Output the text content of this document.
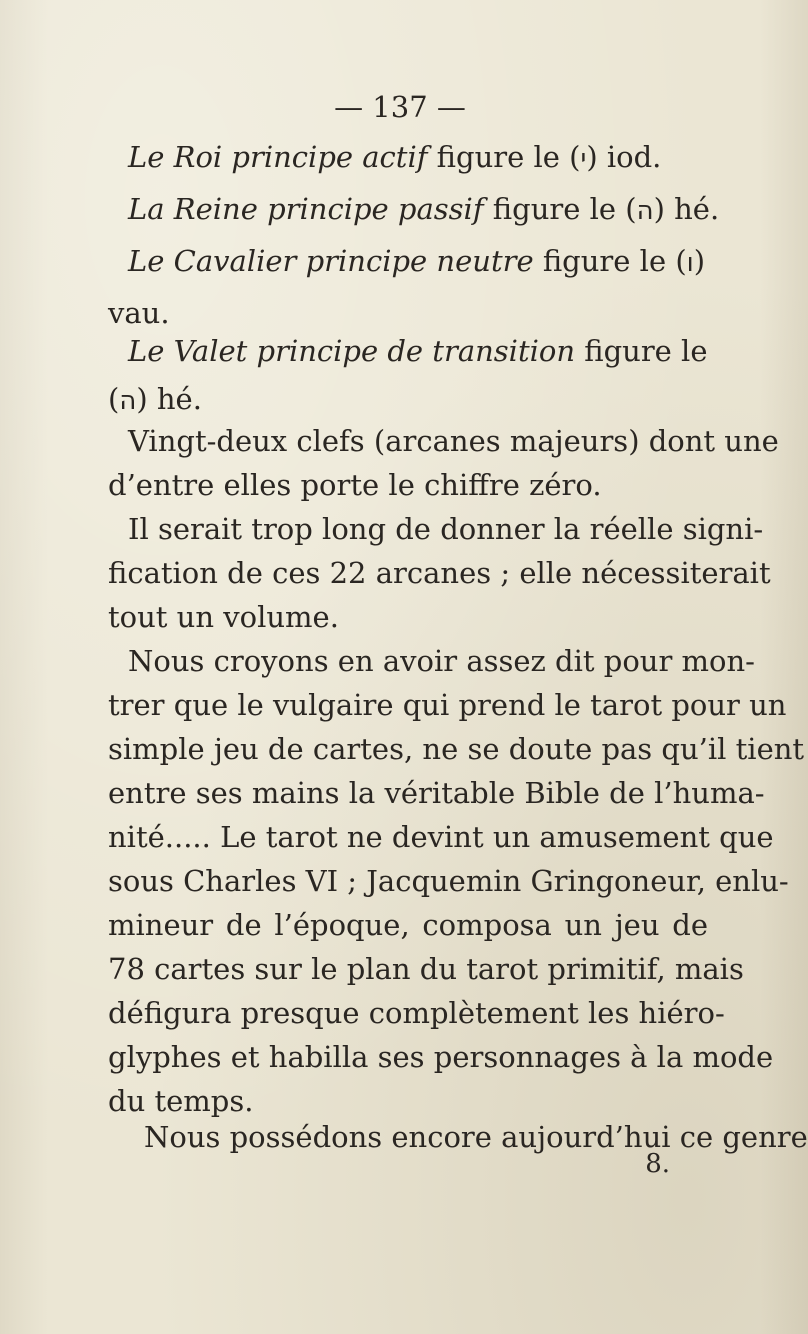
— 137 —
Le Roi principe actif figure le (י) iod.
La Reine principe passif figure le (ה) hé.
Le Cavalier principe neutre figure le (ו)
vau.
Le Valet principe de transition figure le
(ה) hé.
Vingt-deux clefs (arcanes majeurs) dont une
d’entre elles porte le chiffre zéro.
Il serait trop long de donner la réelle signi-
fication de ces 22 arcanes ; elle nécessiterait
tout un volume.
Nous croyons en avoir assez dit pour mon-
trer que le vulgaire qui prend le tarot pour un
simple jeu de cartes, ne se doute pas qu’il tient
entre ses mains la véritable Bible de l’huma-
nité..... Le tarot ne devint un amusement que
sous Charles VI ; Jacquemin Gringoneur, enlu-
mineur de l’époque, composa un jeu de
78 cartes sur le plan du tarot primitif, mais
défigura presque complètement les hiéro-
glyphes et habilla ses personnages à la mode
du temps.
Nous possédons encore aujourd’hui ce genre
8.
